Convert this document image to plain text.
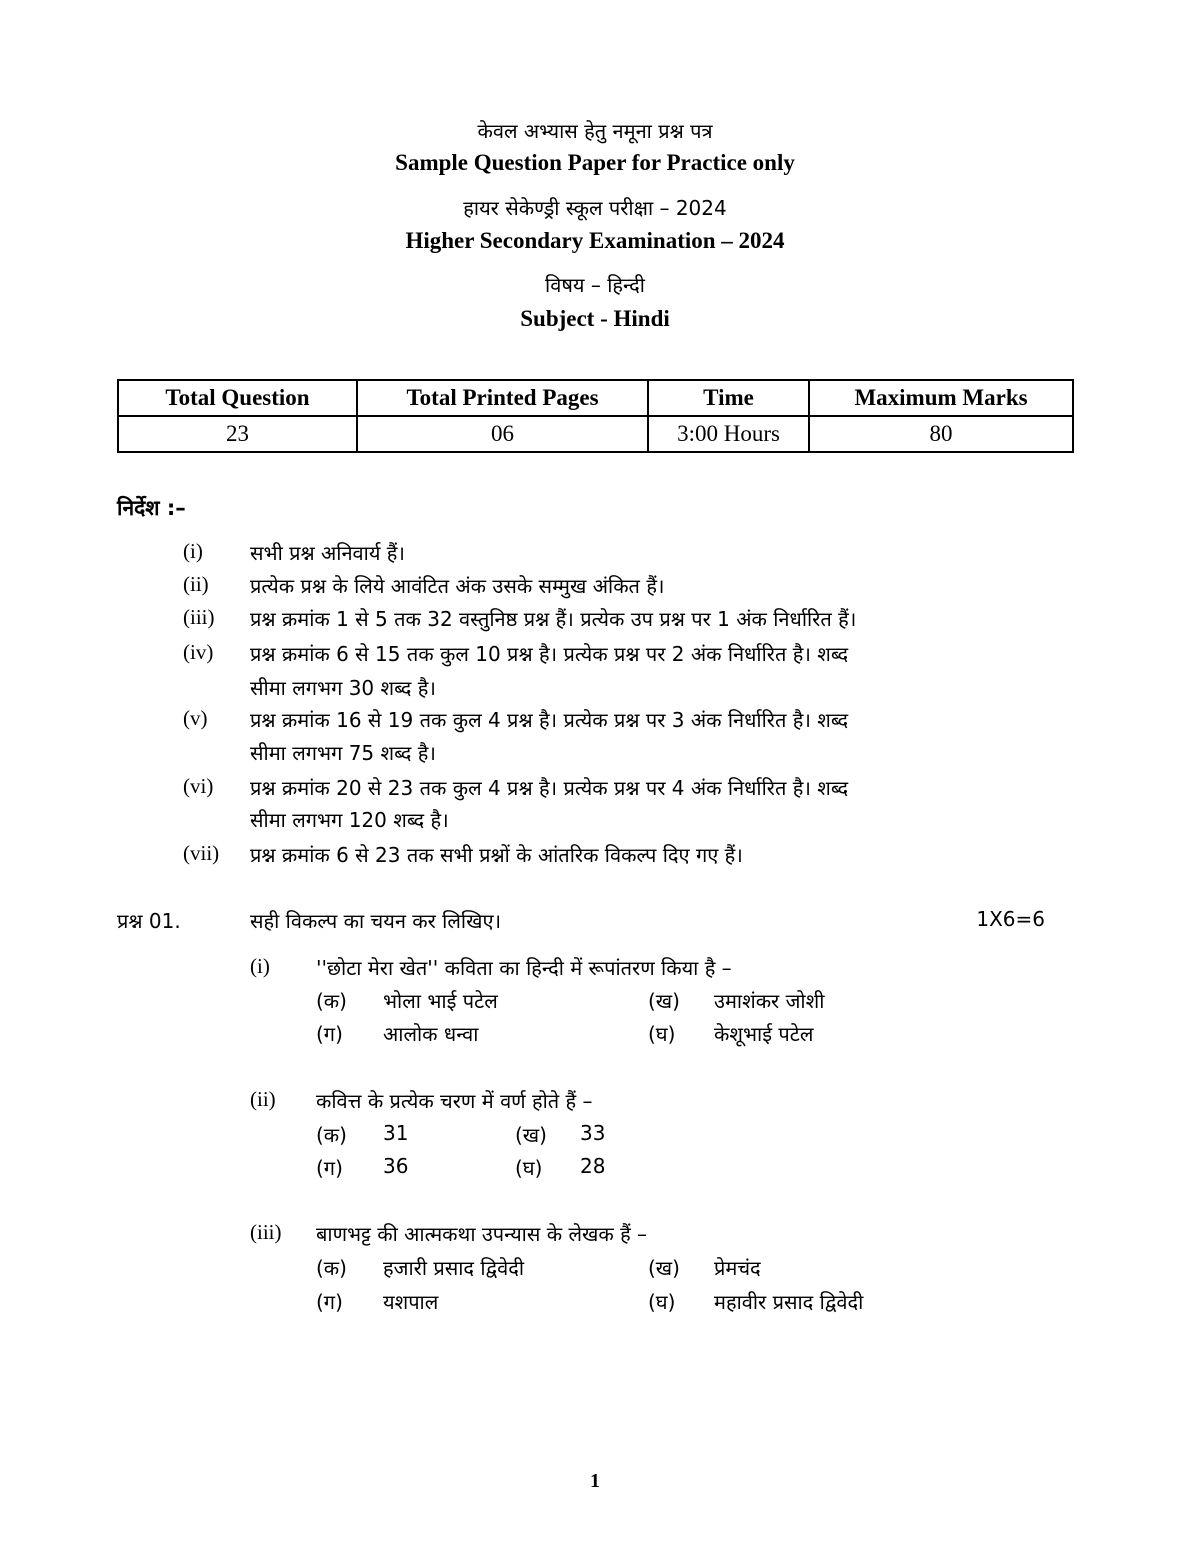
केवल अभ्यास हेतु नमूना प्रश्न पत्र
Sample Question Paper for Practice only
हायर सेकेण्ड्री स्कूल परीक्षा – 2024
Higher Secondary Examination – 2024
विषय – हिन्दी
Subject - Hindi
Total Question	Total Printed Pages	Time	Maximum Marks
23	06	3:00 Hours	80
निर्देश :–
(i) सभी प्रश्न अनिवार्य हैं।
(ii) प्रत्येक प्रश्न के लिये आवंटित अंक उसके सम्मुख अंकित हैं।
(iii) प्रश्न क्रमांक 1 से 5 तक 32 वस्तुनिष्ठ प्रश्न हैं। प्रत्येक उप प्रश्न पर 1 अंक निर्धारित हैं।
(iv) प्रश्न क्रमांक 6 से 15 तक कुल 10 प्रश्न है। प्रत्येक प्रश्न पर 2 अंक निर्धारित है। शब्द
सीमा लगभग 30 शब्द है।
(v) प्रश्न क्रमांक 16 से 19 तक कुल 4 प्रश्न है। प्रत्येक प्रश्न पर 3 अंक निर्धारित है। शब्द
सीमा लगभग 75 शब्द है।
(vi) प्रश्न क्रमांक 20 से 23 तक कुल 4 प्रश्न है। प्रत्येक प्रश्न पर 4 अंक निर्धारित है। शब्द
सीमा लगभग 120 शब्द है।
(vii) प्रश्न क्रमांक 6 से 23 तक सभी प्रश्नों के आंतरिक विकल्प दिए गए हैं।
प्रश्न 01.	सही विकल्प का चयन कर लिखिए।	1X6=6
(i) ''छोटा मेरा खेत'' कविता का हिन्दी में रूपांतरण किया है –
(क) भोला भाई पटेल	(ख) उमाशंकर जोशी
(ग) आलोक धन्वा	(घ) केशूभाई पटेल
(ii) कवित्त के प्रत्येक चरण में वर्ण होते हैं –
(क) 31	(ख) 33
(ग) 36	(घ) 28
(iii) बाणभट्ट की आत्मकथा उपन्यास के लेखक हैं –
(क) हजारी प्रसाद द्विवेदी	(ख) प्रेमचंद
(ग) यशपाल	(घ) महावीर प्रसाद द्विवेदी
1
